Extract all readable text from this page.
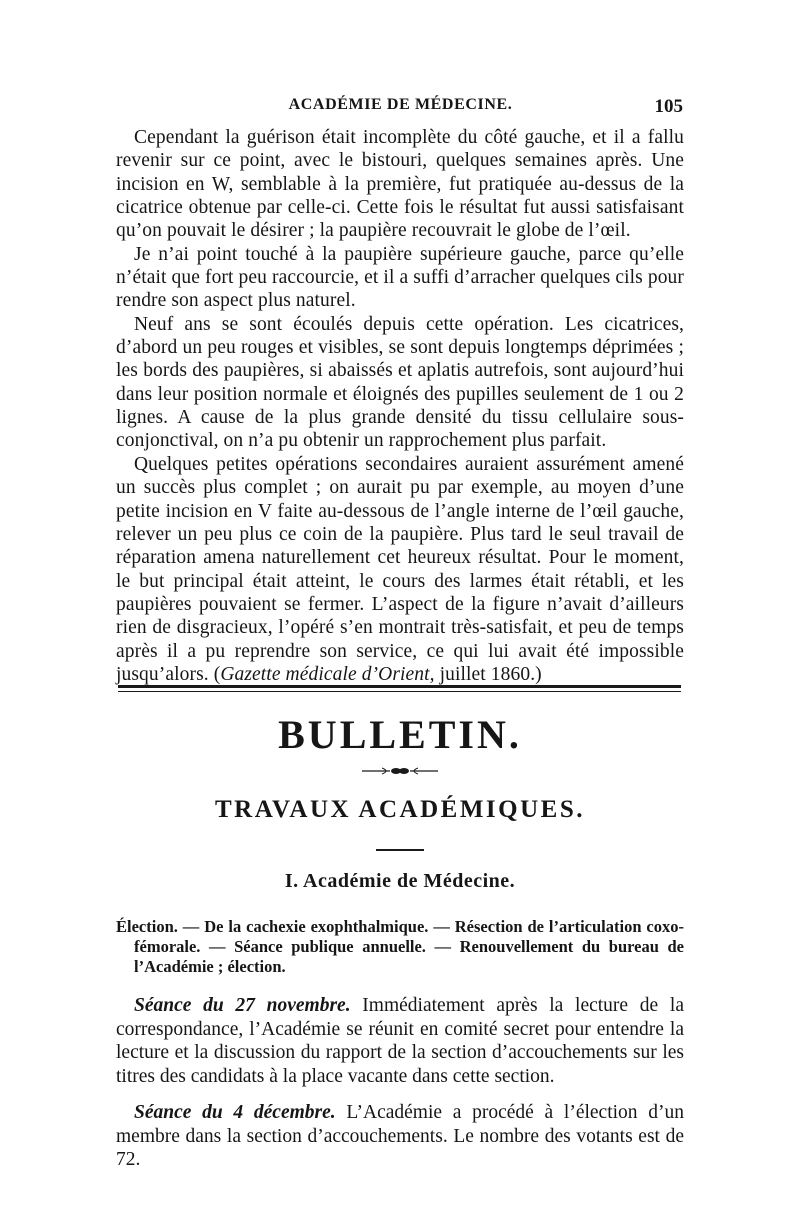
ACADÉMIE DE MÉDECINE.	105

Cependant la guérison était incomplète du côté gauche, et il a fallu revenir sur ce point, avec le bistouri, quelques semaines après. Une incision en W, semblable à la première, fut pratiquée au-dessus de la cicatrice obtenue par celle-ci. Cette fois le résultat fut aussi satisfaisant qu’on pouvait le désirer ; la paupière recouvrait le globe de l’œil.

Je n’ai point touché à la paupière supérieure gauche, parce qu’elle n’était que fort peu raccourcie, et il a suffi d’arracher quelques cils pour rendre son aspect plus naturel.

Neuf ans se sont écoulés depuis cette opération. Les cicatrices, d’abord un peu rouges et visibles, se sont depuis longtemps déprimées ; les bords des paupières, si abaissés et aplatis autrefois, sont aujourd’hui dans leur position normale et éloignés des pupilles seulement de 1 ou 2 lignes. A cause de la plus grande densité du tissu cellulaire sous-conjonctival, on n’a pu obtenir un rapprochement plus parfait.

Quelques petites opérations secondaires auraient assurément amené un succès plus complet ; on aurait pu par exemple, au moyen d’une petite incision en V faite au-dessous de l’angle interne de l’œil gauche, relever un peu plus ce coin de la paupière. Plus tard le seul travail de réparation amena naturellement cet heureux résultat. Pour le moment, le but principal était atteint, le cours des larmes était rétabli, et les paupières pouvaient se fermer. L’aspect de la figure n’avait d’ailleurs rien de disgracieux, l’opéré s’en montrait très-satisfait, et peu de temps après il a pu reprendre son service, ce qui lui avait été impossible jusqu’alors. (Gazette médicale d’Orient, juillet 1860.)

BULLETIN.
TRAVAUX ACADÉMIQUES.
I. Académie de Médecine.
Élection. — De la cachexie exophthalmique. — Résection de l’articulation coxo-fémorale. — Séance publique annuelle. — Renouvellement du bureau de l’Académie ; élection.

Séance du 27 novembre. Immédiatement après la lecture de la correspondance, l’Académie se réunit en comité secret pour entendre la lecture et la discussion du rapport de la section d’accouchements sur les titres des candidats à la place vacante dans cette section.

Séance du 4 décembre. L’Académie a procédé à l’élection d’un membre dans la section d’accouchements. Le nombre des votants est de 72.
